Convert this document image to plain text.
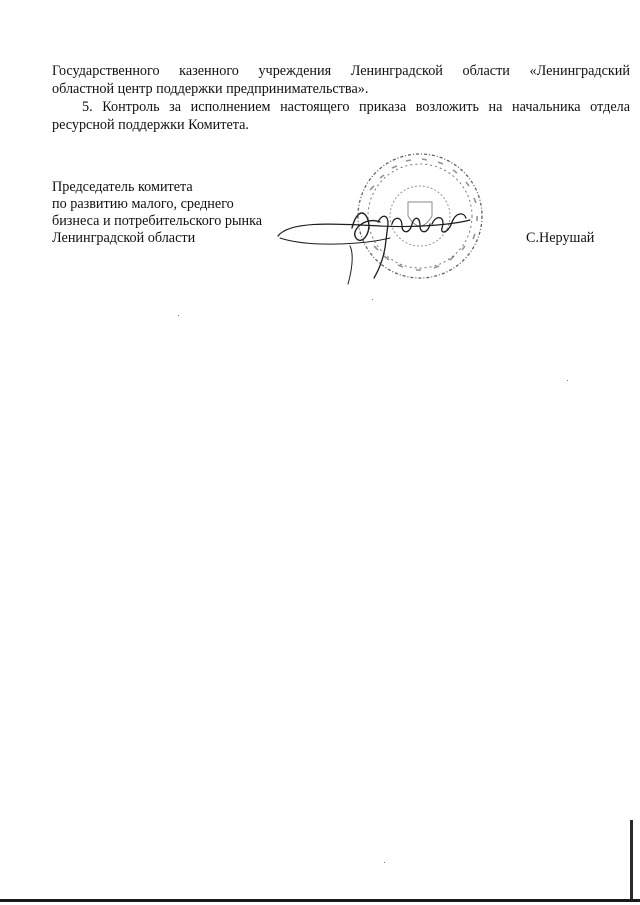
Государственного казенного учреждения Ленинградской области «Ленинградский
областной центр поддержки предпринимательства».
5. Контроль за исполнением настоящего приказа возложить на начальника отдела
ресурсной поддержки Комитета.
Председатель комитета
по развитию малого, среднего
бизнеса и потребительского рынка
Ленинградской области	С.Нерушай
